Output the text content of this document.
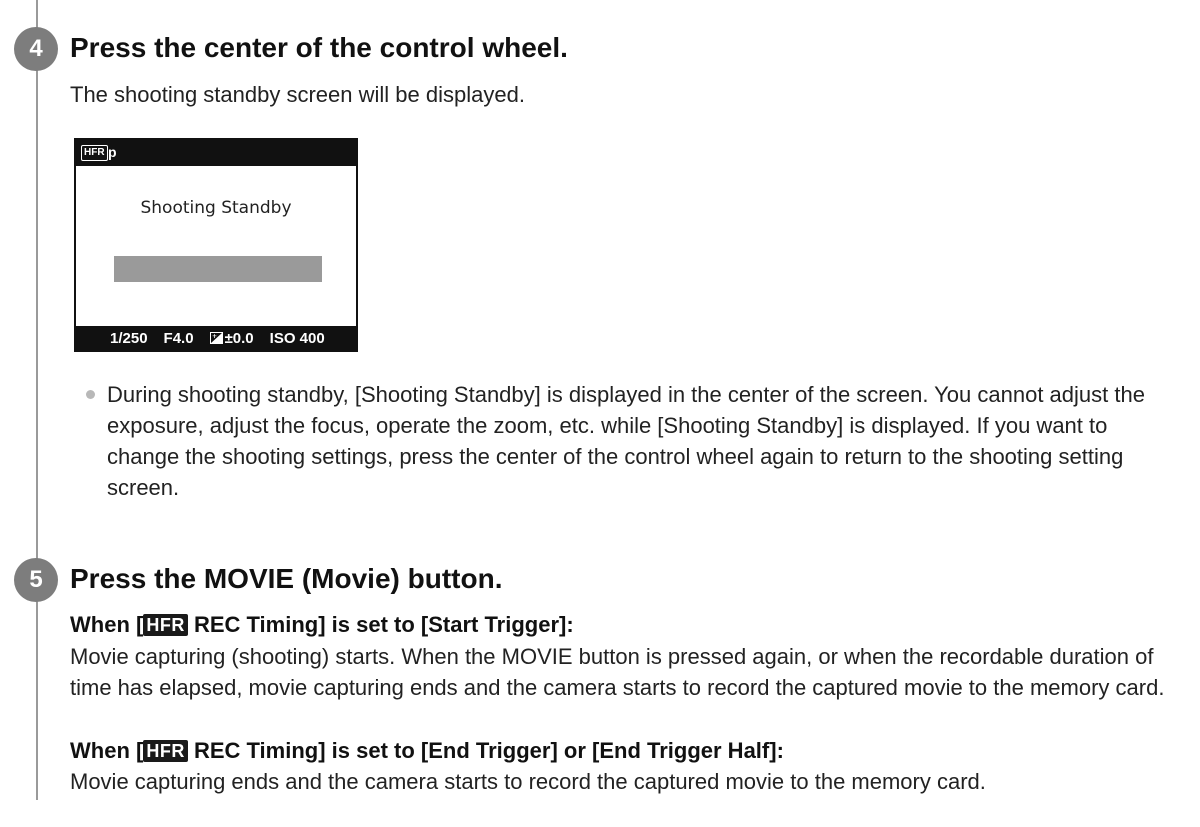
4 Press the center of the control wheel.

The shooting standby screen will be displayed.

HFR p
Shooting Standby
1/250 F4.0	+ ±0.0 ISO 400

During shooting standby, [Shooting Standby] is displayed in the center of the screen. You cannot adjust the exposure, adjust the focus, operate the zoom, etc. while [Shooting Standby] is displayed. If you want to change the shooting settings, press the center of the control wheel again to return to the shooting setting screen.

5 Press the MOVIE (Movie) button.

When [ HFR REC Timing] is set to [Start Trigger]:

Movie capturing (shooting) starts. When the MOVIE button is pressed again, or when the recordable duration of time has elapsed, movie capturing ends and the camera starts to record the captured movie to the memory card.

When [ HFR REC Timing] is set to [End Trigger] or [End Trigger Half]:

Movie capturing ends and the camera starts to record the captured movie to the memory card.
